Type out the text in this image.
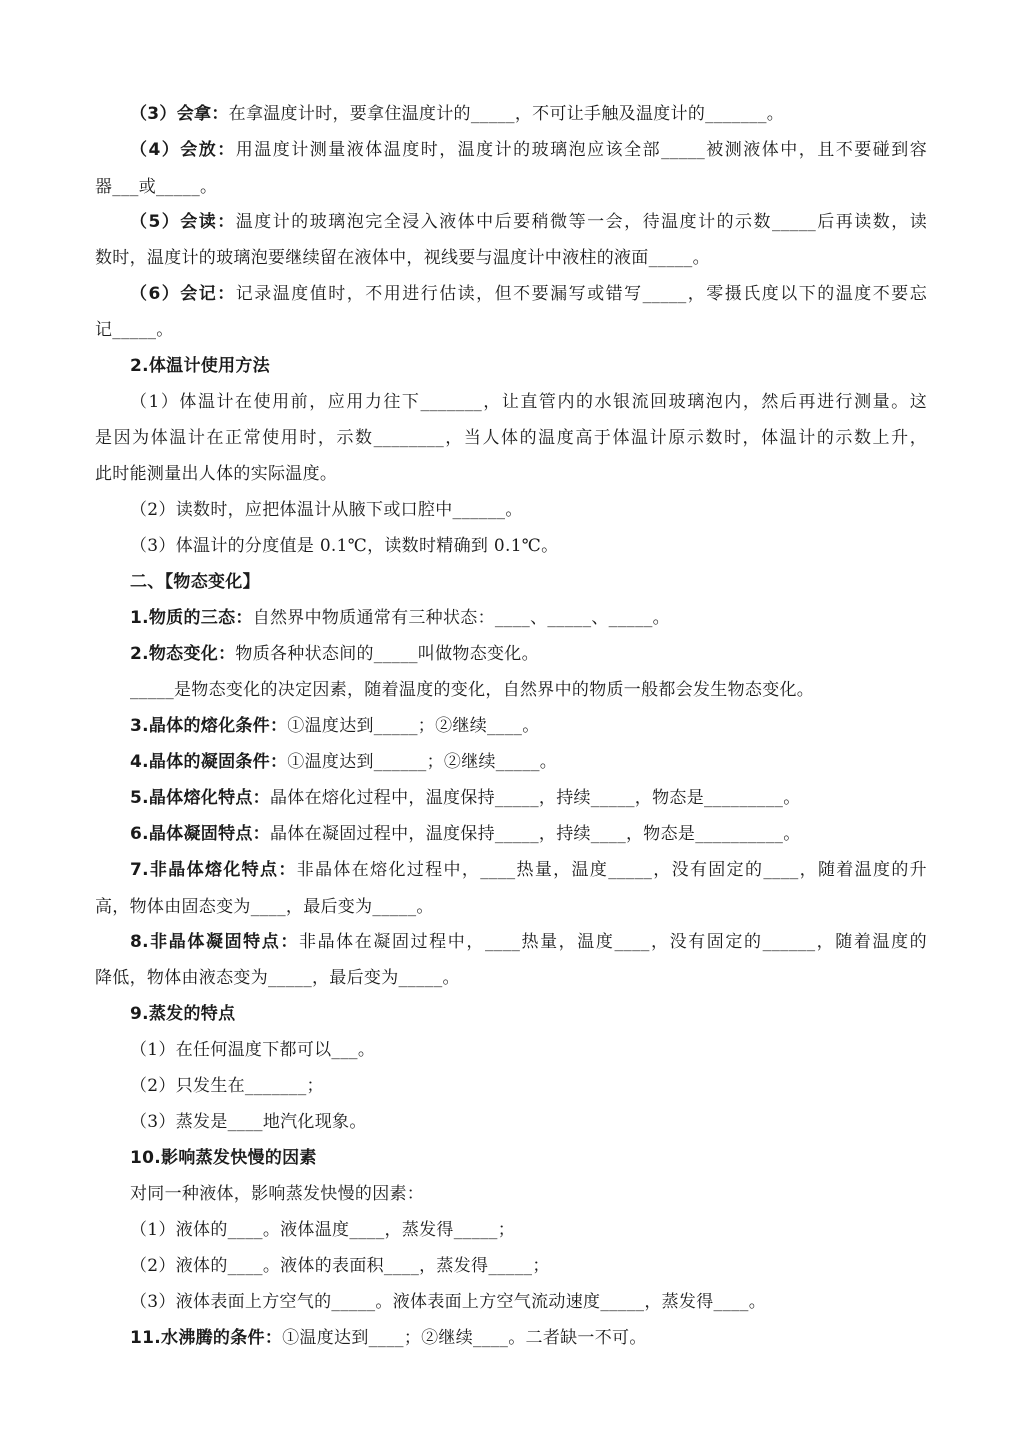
（3）会拿：在拿温度计时，要拿住温度计的_____，不可让手触及温度计的_______。
（4）会放：用温度计测量液体温度时，温度计的玻璃泡应该全部_____被测液体中，且不要碰到容
器___或_____。
（5）会读：温度计的玻璃泡完全浸入液体中后要稍微等一会，待温度计的示数_____后再读数，读
数时，温度计的玻璃泡要继续留在液体中，视线要与温度计中液柱的液面_____。
（6）会记：记录温度值时，不用进行估读，但不要漏写或错写_____，零摄氏度以下的温度不要忘
记_____。
2.体温计使用方法
（1）体温计在使用前，应用力往下_______，让直管内的水银流回玻璃泡内，然后再进行测量。这
是因为体温计在正常使用时，示数________，当人体的温度高于体温计原示数时，体温计的示数上升，
此时能测量出人体的实际温度。
（2）读数时，应把体温计从腋下或口腔中______。
（3）体温计的分度值是 0.1℃，读数时精确到 0.1℃。
二、【物态变化】
1.物质的三态：自然界中物质通常有三种状态：____、_____、_____。
2.物态变化：物质各种状态间的_____叫做物态变化。
_____是物态变化的决定因素，随着温度的变化，自然界中的物质一般都会发生物态变化。
3.晶体的熔化条件：①温度达到_____；②继续____。
4.晶体的凝固条件：①温度达到______；②继续_____。
5.晶体熔化特点：晶体在熔化过程中，温度保持_____，持续_____，物态是_________。
6.晶体凝固特点：晶体在凝固过程中，温度保持_____，持续____，物态是__________。
7.非晶体熔化特点：非晶体在熔化过程中，____热量，温度_____，没有固定的____，随着温度的升
高，物体由固态变为____，最后变为_____。
8.非晶体凝固特点：非晶体在凝固过程中，____热量，温度____，没有固定的______，随着温度的
降低，物体由液态变为_____，最后变为_____。
9.蒸发的特点
（1）在任何温度下都可以___。
（2）只发生在_______；
（3）蒸发是____地汽化现象。
10.影响蒸发快慢的因素
对同一种液体，影响蒸发快慢的因素：
（1）液体的____。液体温度____，蒸发得_____；
（2）液体的____。液体的表面积____，蒸发得_____；
（3）液体表面上方空气的_____。液体表面上方空气流动速度_____，蒸发得____。
11.水沸腾的条件：①温度达到____；②继续____。二者缺一不可。
